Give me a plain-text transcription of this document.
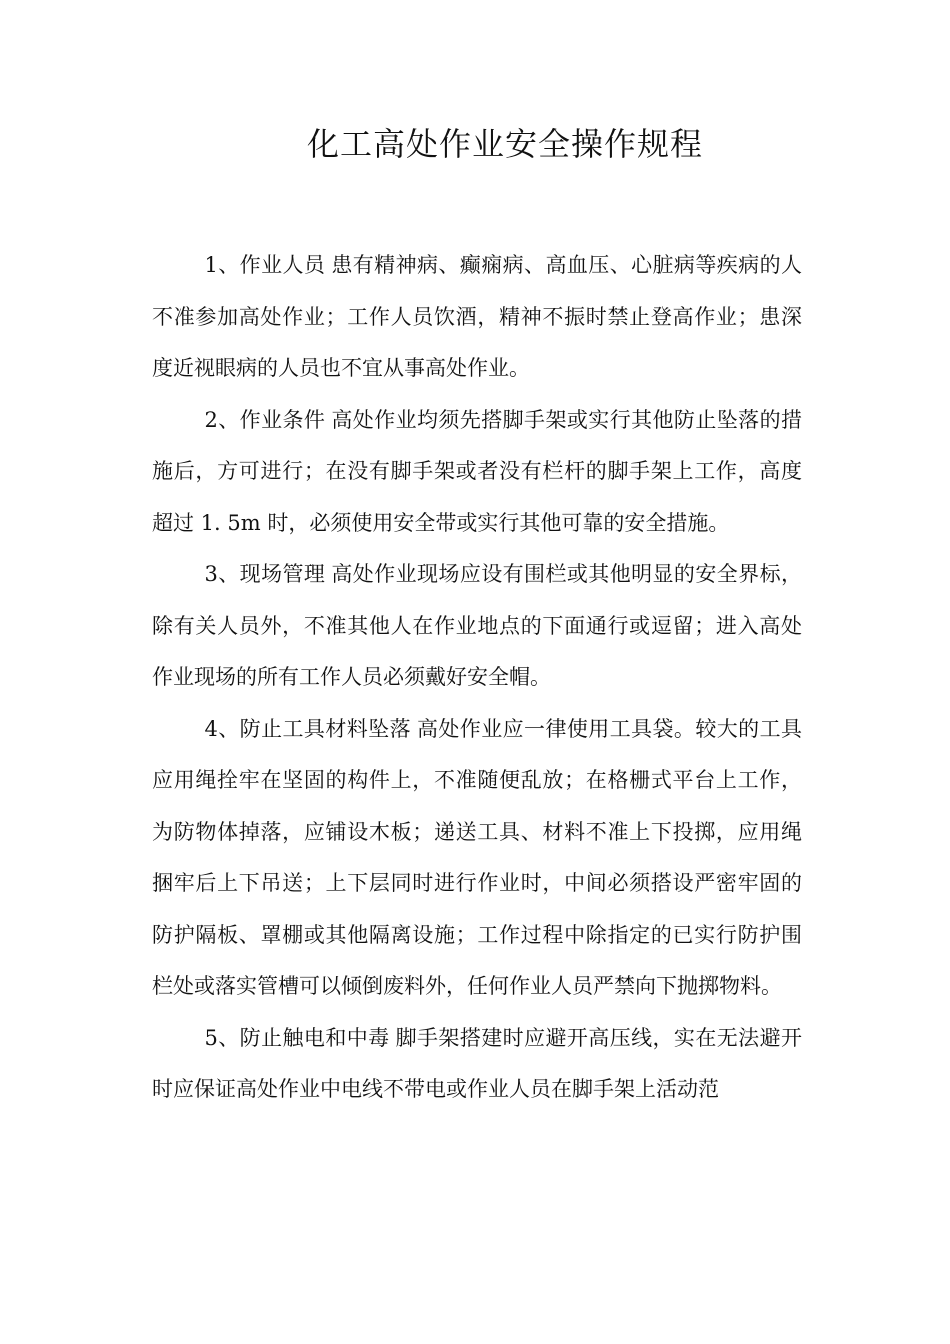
化工高处作业安全操作规程

1、作业人员 患有精神病、癫痫病、高血压、心脏病等疾病的人不准参加高处作业；工作人员饮酒，精神不振时禁止登高作业；患深度近视眼病的人员也不宜从事高处作业。

2、作业条件 高处作业均须先搭脚手架或实行其他防止坠落的措施后，方可进行；在没有脚手架或者没有栏杆的脚手架上工作，高度超过 1. 5m 时，必须使用安全带或实行其他可靠的安全措施。

3、现场管理 高处作业现场应设有围栏或其他明显的安全界标，除有关人员外，不准其他人在作业地点的下面通行或逗留；进入高处作业现场的所有工作人员必须戴好安全帽。

4、防止工具材料坠落 高处作业应一律使用工具袋。较大的工具应用绳拴牢在坚固的构件上，不准随便乱放；在格栅式平台上工作，为防物体掉落，应铺设木板；递送工具、材料不准上下投掷，应用绳捆牢后上下吊送；上下层同时进行作业时，中间必须搭设严密牢固的防护隔板、罩棚或其他隔离设施；工作过程中除指定的已实行防护围栏处或落实管槽可以倾倒废料外，任何作业人员严禁向下抛掷物料。

5、防止触电和中毒 脚手架搭建时应避开高压线，实在无法避开时应保证高处作业中电线不带电或作业人员在脚手架上活动范
